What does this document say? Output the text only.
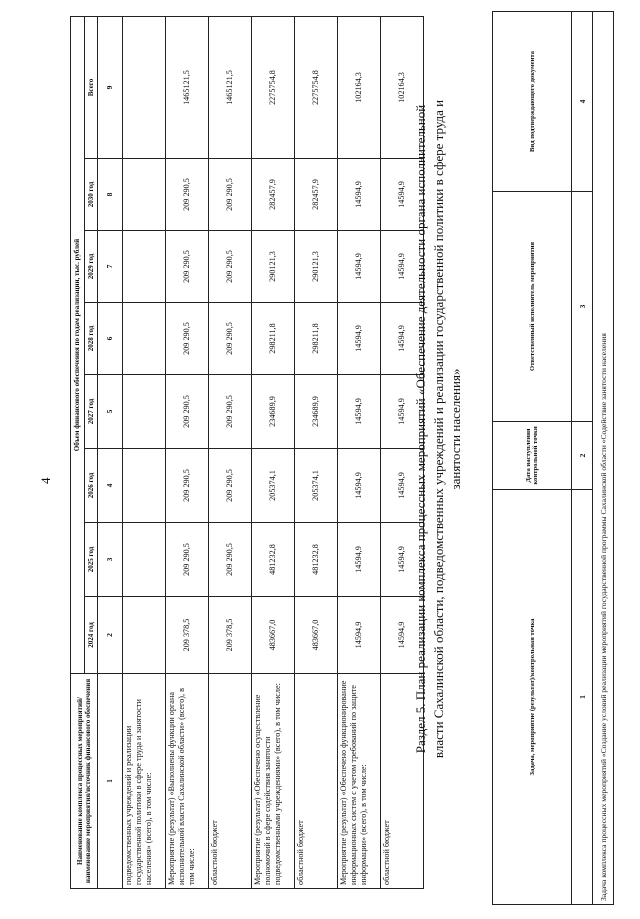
4
Наименование комплекса процессных мероприятий/наименование мероприятия/источник финансового обеспечения	Объем финансового обеспечения по годам реализации, тыс. рублей							
	2024 год	2025 год	2026 год	2027 год	2028 год	2029 год	2030 год	Всего
1	2	3	4	5	6	7	8	9
подведомственных учреждений и реализации государственной политики в сфере труда и занятости населения» (всего), в том числе:								
Мероприятие (результат) «Выполнены функции органа исполнительной власти Сахалинской области» (всего), в том числе:	209 378,5	209 290,5	209 290,5	209 290,5	209 290,5	209 290,5	209 290,5	1465121,5
областной бюджет	209 378,5	209 290,5	209 290,5	209 290,5	209 290,5	209 290,5	209 290,5	1465121,5
Мероприятие (результат) «Обеспечено осуществление полномочий в сфере содействия занятости подведомственными учреждениями» (всего), в том числе:	483667,0	481232,8	205374,1	234689,9	298211,8	290121,3	282457,9	2275754,8
областной бюджет	483667,0	481232,8	205374,1	234689,9	298211,8	290121,3	282457,9	2275754,8
Мероприятие (результат) «Обеспечено функционирование информационных систем с учетом требований по защите информации» (всего), в том числе:	14594,9	14594,9	14594,9	14594,9	14594,9	14594,9	14594,9	102164,3
областной бюджет	14594,9	14594,9	14594,9	14594,9	14594,9	14594,9	14594,9	102164,3
Раздел 5. План реализации комплекса процессных мероприятий «Обеспечение деятельности органа исполнительной власти Сахалинской области, подведомственных учреждений и реализации государственной политики в сфере труда и занятости населения»
Задача, мероприятие (результат)/контрольная точка	Дата наступления контрольной точки	Ответственный исполнитель мероприятия	Вид подтверждающего документа
1	2	3	4
Задача комплекса процессных мероприятий «Создание условий реализации мероприятий государственной программы Сахалинской области «Содействие занятости населения			
